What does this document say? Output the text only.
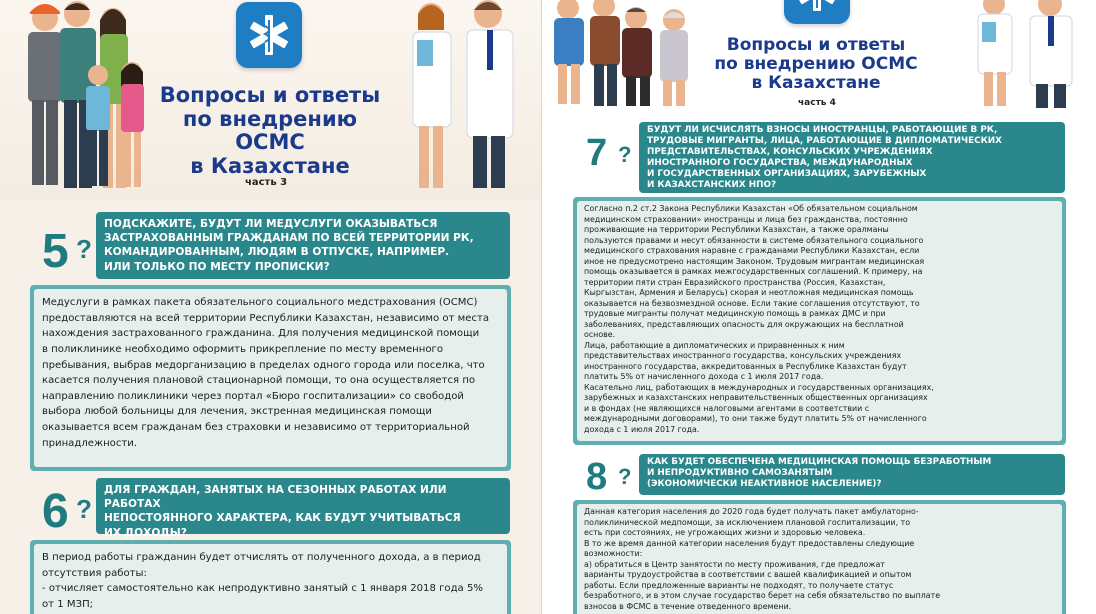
Вопросы и ответы
по внедрению ОСМС
в Казахстане
часть 3
5 ?

ПОДСКАЖИТЕ, БУДУТ ЛИ МЕДУСЛУГИ ОКАЗЫВАТЬСЯ
ЗАСТРАХОВАННЫМ ГРАЖДАНАМ ПО ВСЕЙ ТЕРРИТОРИИ РК,
КОМАНДИРОВАННЫМ, ЛЮДЯМ В ОТПУСКЕ, НАПРИМЕР.
ИЛИ ТОЛЬКО ПО МЕСТУ ПРОПИСКИ?

Медуслуги в рамках пакета обязательного социального медстрахования (ОСМС)
предоставляются на всей территории Республики Казахстан, независимо от места
нахождения застрахованного гражданина. Для получения медицинской помощи
в поликлинике необходимо оформить прикрепление по месту временного
пребывания, выбрав медорганизацию в пределах одного города или поселка, что
касается получения плановой стационарной помощи, то она осуществляется по
направлению поликлиники через портал «Бюро госпитализации» со свободой
выбора любой больницы для лечения, экстренная медицинская помощи
оказывается всем гражданам без страховки и независимо от территориальной
принадлежности.

6 ?

ДЛЯ ГРАЖДАН, ЗАНЯТЫХ НА СЕЗОННЫХ РАБОТАХ ИЛИ РАБОТАХ
НЕПОСТОЯННОГО ХАРАКТЕРА, КАК БУДУТ УЧИТЫВАТЬСЯ
ИХ ДОХОДЫ?

В период работы гражданин будет отчислять от полученного дохода, а в период
отсутствия работы:
- отчисляет самостоятельно как непродуктивно занятый с 1 января 2018 года 5%
от 1 МЗП;

Вопросы и ответы
по внедрению ОСМС
в Казахстане
часть 4
7 ?

БУДУТ ЛИ ИСЧИСЛЯТЬ ВЗНОСЫ ИНОСТРАНЦЫ, РАБОТАЮЩИЕ В РК,
ТРУДОВЫЕ МИГРАНТЫ, ЛИЦА, РАБОТАЮЩИЕ В ДИПЛОМАТИЧЕСКИХ
ПРЕДСТАВИТЕЛЬСТВАХ, КОНСУЛЬСКИХ УЧРЕЖДЕНИЯХ
ИНОСТРАННОГО ГОСУДАРСТВА, МЕЖДУНАРОДНЫХ
И ГОСУДАРСТВЕННЫХ ОРГАНИЗАЦИЯХ, ЗАРУБЕЖНЫХ
И КАЗАХСТАНСКИХ НПО?

Согласно п.2 ст.2 Закона Республики Казахстан «Об обязательном социальном
медицинском страховании» иностранцы и лица без гражданства, постоянно
проживающие на территории Республики Казахстан, а также оралманы
пользуются правами и несут обязанности в системе обязательного социального
медицинского страхования наравне с гражданами Республики Казахстан, если
иное не предусмотрено настоящим Законом. Трудовым мигрантам медицинская
помощь оказывается в рамках межгосударственных соглашений. К примеру, на
территории пяти стран Евразийского пространства (Россия, Казахстан,
Кыргызстан, Армения и Беларусь) скорая и неотложная медицинская помощь
оказывается на безвозмездной основе. Если такие соглашения отсутствуют, то
трудовые мигранты получат медицинскую помощь в рамках ДМС и при
заболеваниях, представляющих опасность для окружающих на бесплатной
основе.
Лица, работающие в дипломатических и приравненных к ним
представительствах иностранного государства, консульских учреждениях
иностранного государства, аккредитованных в Республике Казахстан будут
платить 5% от начисленного дохода с 1 июля 2017 года.
Касательно лиц, работающих в международных и государственных организациях,
зарубежных и казахстанских неправительственных общественных организациях
и в фондах (не являющихся налоговыми агентами в соответствии с
международными договорами), то они также будут платить 5% от начисленного
дохода с 1 июля 2017 года.

8 ?

КАК БУДЕТ ОБЕСПЕЧЕНА МЕДИЦИНСКАЯ ПОМОЩЬ БЕЗРАБОТНЫМ
И НЕПРОДУКТИВНО САМОЗАНЯТЫМ
(ЭКОНОМИЧЕСКИ НЕАКТИВНОЕ НАСЕЛЕНИЕ)?

Данная категория населения до 2020 года будет получать пакет амбулаторно-
поликлинической медпомощи, за исключением плановой госпитализации, то
есть при состояниях, не угрожающих жизни и здоровью человека.
В то же время данной категории населения будут предоставлены следующие
возможности:
а) обратиться в Центр занятости по месту проживания, где предложат
варианты трудоустройства в соответствии с вашей квалификацией и опытом
работы. Если предложенные варианты не подходят, то получаете статус
безработного, и в этом случае государство берет на себя обязательство по выплате
взносов в ФСМС в течение отведенного времени.
